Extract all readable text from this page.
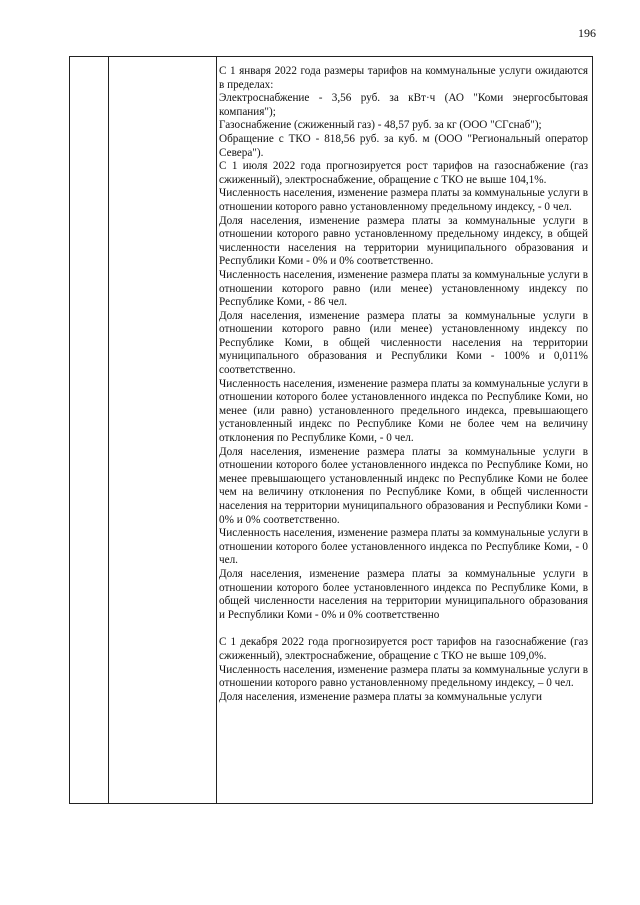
196

С 1 января 2022 года размеры тарифов на коммунальные услуги ожидаются в пределах:

Электроснабжение - 3,56 руб. за кВт·ч (АО "Коми энергосбытовая компания");

Газоснабжение (сжиженный газ) - 48,57 руб. за кг (ООО "СГснаб");

Обращение с ТКО - 818,56 руб. за куб. м (ООО "Региональный оператор Севера").

С 1 июля 2022 года прогнозируется рост тарифов на газоснабжение (газ сжиженный), электроснабжение, обращение с ТКО не выше 104,1%.

Численность населения, изменение размера платы за коммунальные услуги в отношении которого равно установленному предельному индексу, - 0 чел.

Доля населения, изменение размера платы за коммунальные услуги в отношении которого равно установленному предельному индексу, в общей численности населения на территории муниципального образования и Республики Коми - 0% и 0% соответственно.

Численность населения, изменение размера платы за коммунальные услуги в отношении которого равно (или менее) установленному индексу по Республике Коми, - 86 чел.

Доля населения, изменение размера платы за коммунальные услуги в отношении которого равно (или менее) установленному индексу по Республике Коми, в общей численности населения на территории муниципального образования и Республики Коми - 100% и 0,011% соответственно.

Численность населения, изменение размера платы за коммунальные услуги в отношении которого более установленного индекса по Республике Коми, но менее (или равно) установленного предельного индекса, превышающего установленный индекс по Республике Коми не более чем на величину отклонения по Республике Коми, - 0 чел.

Доля населения, изменение размера платы за коммунальные услуги в отношении которого более установленного индекса по Республике Коми, но менее превышающего установленный индекс по Республике Коми не более чем на величину отклонения по Республике Коми, в общей численности населения на территории муниципального образования и Республики Коми - 0% и 0% соответственно.

Численность населения, изменение размера платы за коммунальные услуги в отношении которого более установленного индекса по Республике Коми, - 0 чел.

Доля населения, изменение размера платы за коммунальные услуги в отношении которого более установленного индекса по Республике Коми, в общей численности населения на территории муниципального образования и Республики Коми - 0% и 0% соответственно

С 1 декабря 2022 года прогнозируется рост тарифов на газоснабжение (газ сжиженный), электроснабжение, обращение с ТКО не выше 109,0%.

Численность населения, изменение размера платы за коммунальные услуги в отношении которого равно установленному предельному индексу, – 0 чел.

Доля населения, изменение размера платы за коммунальные услуги
